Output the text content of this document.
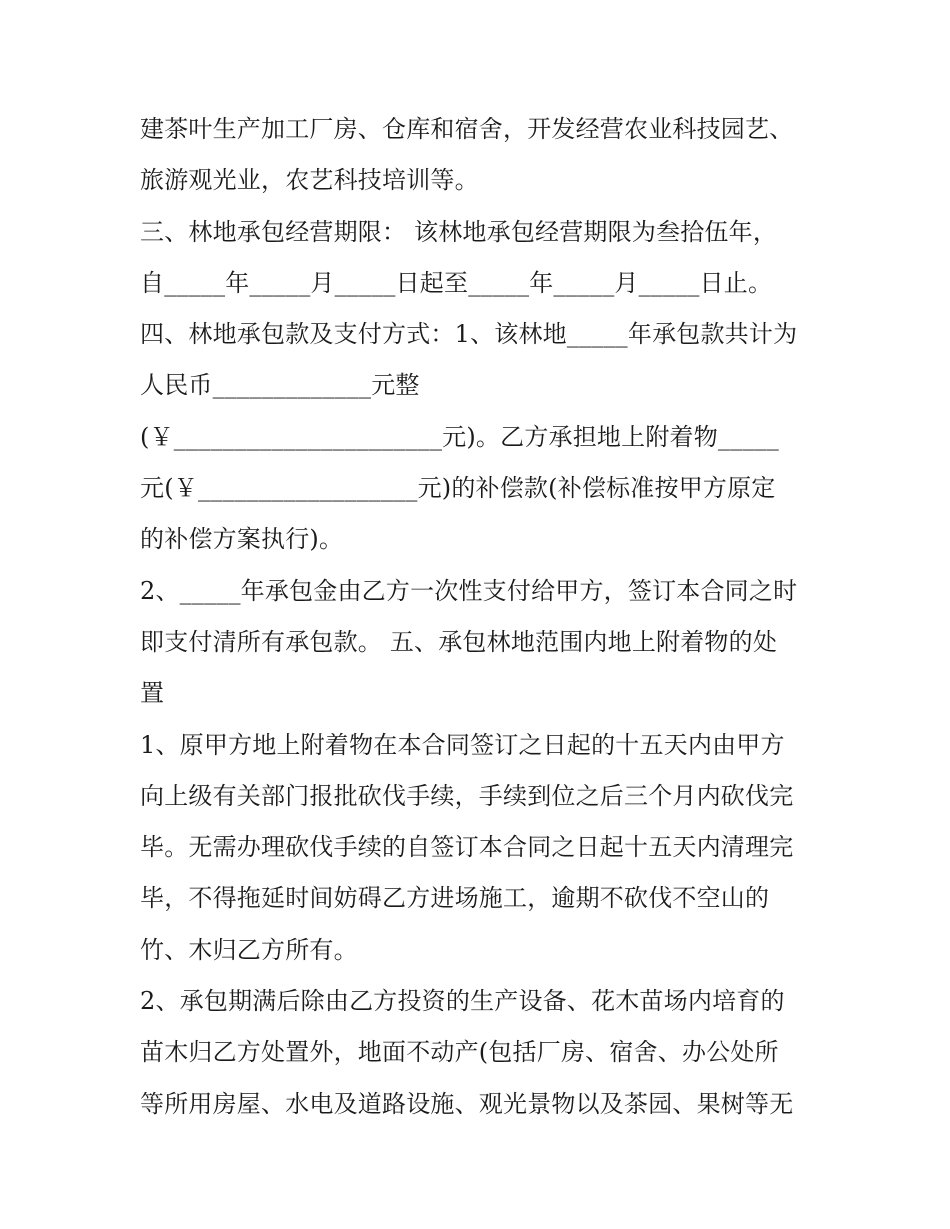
建茶叶生产加工厂房、仓库和宿舍，开发经营农业科技园艺、
旅游观光业，农艺科技培训等。
三、林地承包经营期限： 该林地承包经营期限为叁拾伍年，
自_____年_____月_____日起至_____年_____月_____日止。
四、林地承包款及支付方式：1、该林地_____年承包款共计为
人民币_____________元整
(￥______________________元)。乙方承担地上附着物_____
元(￥__________________元)的补偿款(补偿标准按甲方原定
的补偿方案执行)。
2、_____年承包金由乙方一次性支付给甲方，签订本合同之时
即支付清所有承包款。 五、承包林地范围内地上附着物的处
置
1、原甲方地上附着物在本合同签订之日起的十五天内由甲方
向上级有关部门报批砍伐手续，手续到位之后三个月内砍伐完
毕。无需办理砍伐手续的自签订本合同之日起十五天内清理完
毕，不得拖延时间妨碍乙方进场施工，逾期不砍伐不空山的
竹、木归乙方所有。
2、承包期满后除由乙方投资的生产设备、花木苗场内培育的
苗木归乙方处置外，地面不动产(包括厂房、宿舍、办公处所
等所用房屋、水电及道路设施、观光景物以及茶园、果树等无
